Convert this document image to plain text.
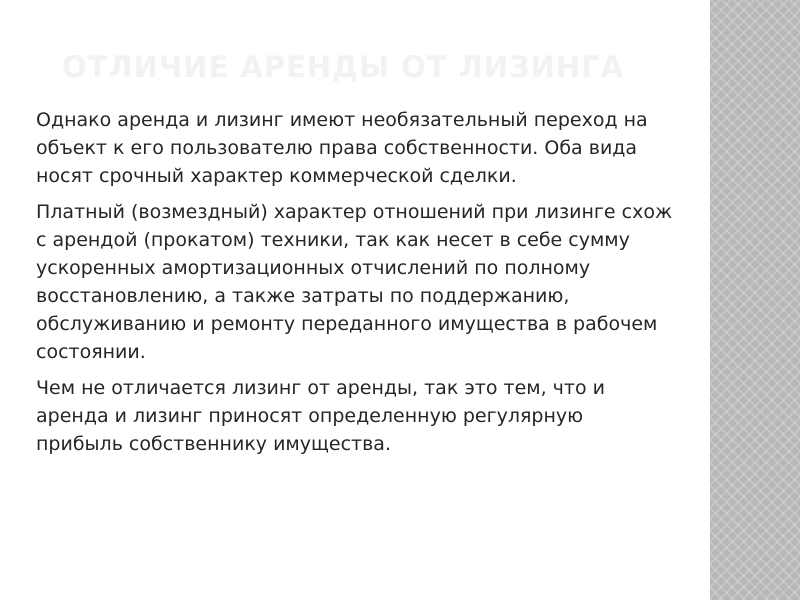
ОТЛИЧИЕ АРЕНДЫ ОТ ЛИЗИНГА

Однако аренда и лизинг имеют необязательный переход на объект к его пользователю права собственности. Оба вида носят срочный характер коммерческой сделки.

Платный (возмездный) характер отношений при лизинге схож с арендой (прокатом) техники, так как несет в себе сумму ускоренных амортизационных отчислений по полному восстановлению, а также затраты по поддержанию, обслуживанию и ремонту переданного имущества в рабочем состоянии.

Чем не отличается лизинг от аренды, так это тем, что и аренда и лизинг приносят определенную регулярную прибыль собственнику имущества.
